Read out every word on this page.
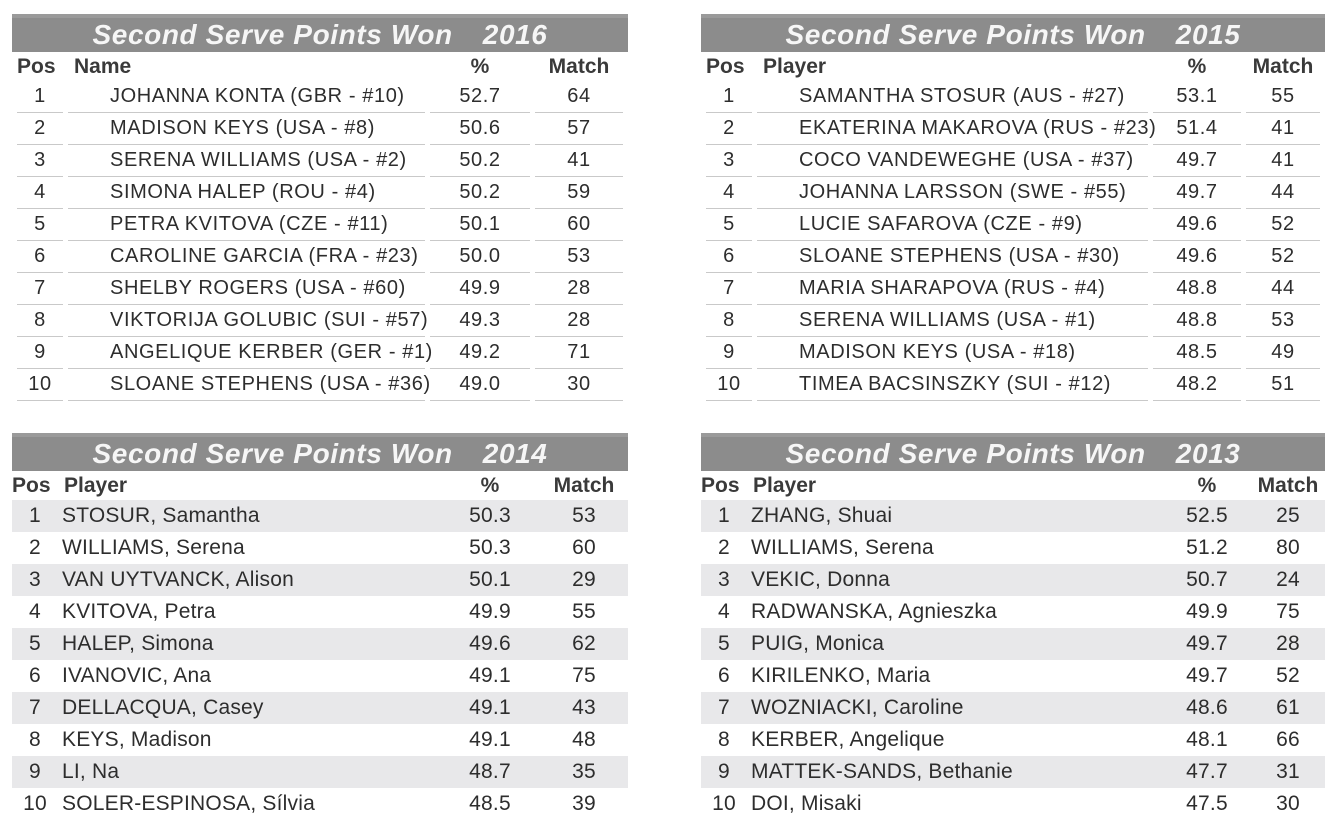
Second Serve Points Won 2016
Pos	Name	%	Match
1	JOHANNA KONTA (GBR - #10)	52.7	64
2	MADISON KEYS (USA - #8)	50.6	57
3	SERENA WILLIAMS (USA - #2)	50.2	41
4	SIMONA HALEP (ROU - #4)	50.2	59
5	PETRA KVITOVA (CZE - #11)	50.1	60
6	CAROLINE GARCIA (FRA - #23)	50.0	53
7	SHELBY ROGERS (USA - #60)	49.9	28
8	VIKTORIJA GOLUBIC (SUI - #57)	49.3	28
9	ANGELIQUE KERBER (GER - #1)	49.2	71
10	SLOANE STEPHENS (USA - #36)	49.0	30
Second Serve Points Won 2015
Pos	Player	%	Match
1	SAMANTHA STOSUR (AUS - #27)	53.1	55
2	EKATERINA MAKAROVA (RUS - #23)	51.4	41
3	COCO VANDEWEGHE (USA - #37)	49.7	41
4	JOHANNA LARSSON (SWE - #55)	49.7	44
5	LUCIE SAFAROVA (CZE - #9)	49.6	52
6	SLOANE STEPHENS (USA - #30)	49.6	52
7	MARIA SHARAPOVA (RUS - #4)	48.8	44
8	SERENA WILLIAMS (USA - #1)	48.8	53
9	MADISON KEYS (USA - #18)	48.5	49
10	TIMEA BACSINSZKY (SUI - #12)	48.2	51
Second Serve Points Won 2014
Pos	Player	%	Match
1	STOSUR, Samantha	50.3	53
2	WILLIAMS, Serena	50.3	60
3	VAN UYTVANCK, Alison	50.1	29
4	KVITOVA, Petra	49.9	55
5	HALEP, Simona	49.6	62
6	IVANOVIC, Ana	49.1	75
7	DELLACQUA, Casey	49.1	43
8	KEYS, Madison	49.1	48
9	LI, Na	48.7	35
10	SOLER-ESPINOSA, Sílvia	48.5	39
Second Serve Points Won 2013
Pos	Player	%	Match
1	ZHANG, Shuai	52.5	25
2	WILLIAMS, Serena	51.2	80
3	VEKIC, Donna	50.7	24
4	RADWANSKA, Agnieszka	49.9	75
5	PUIG, Monica	49.7	28
6	KIRILENKO, Maria	49.7	52
7	WOZNIACKI, Caroline	48.6	61
8	KERBER, Angelique	48.1	66
9	MATTEK-SANDS, Bethanie	47.7	31
10	DOI, Misaki	47.5	30
